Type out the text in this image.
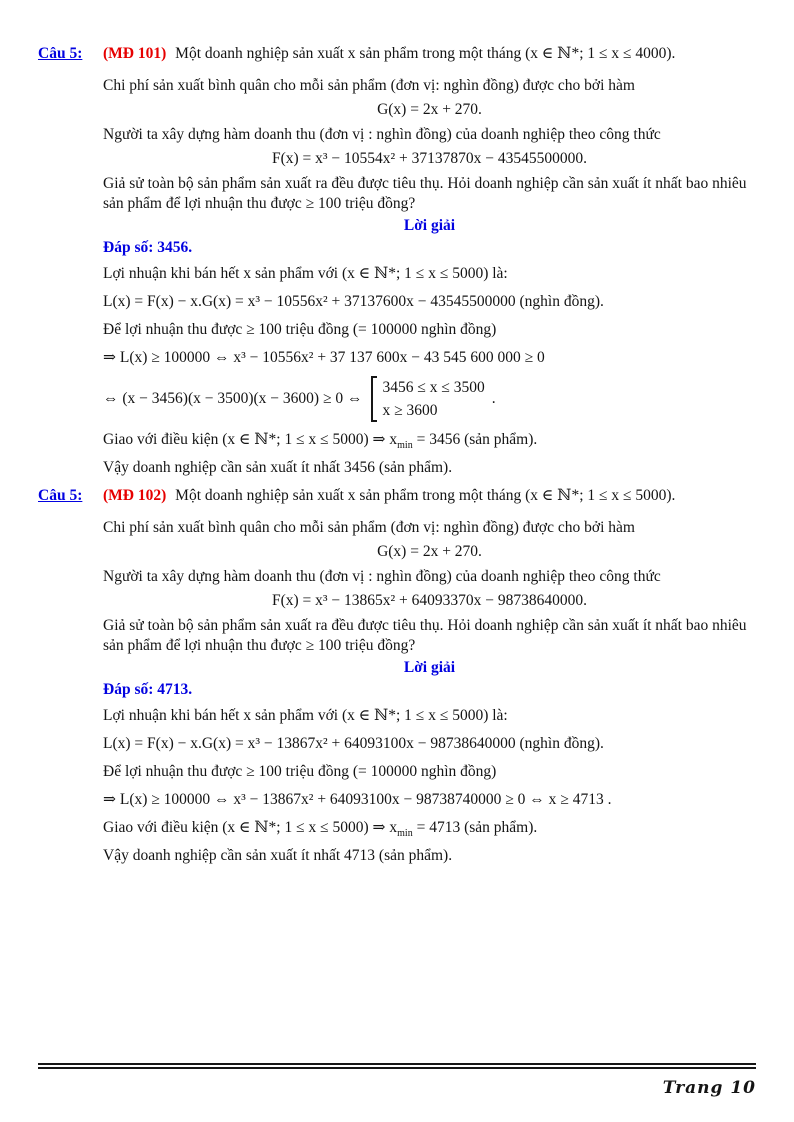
Câu 5: (MĐ 101) Một doanh nghiệp sản xuất x sản phẩm trong một tháng (x ∈ ℕ*; 1 ≤ x ≤ 4000).
Chi phí sản xuất bình quân cho mỗi sản phẩm (đơn vị: nghìn đồng) được cho bởi hàm
G(x) = 2x + 270.
Người ta xây dựng hàm doanh thu (đơn vị : nghìn đồng) của doanh nghiệp theo công thức
F(x) = x³ − 10554x² + 37137870x − 43545500000.
Giả sử toàn bộ sản phẩm sản xuất ra đều được tiêu thụ. Hỏi doanh nghiệp cần sản xuất ít nhất bao nhiêu sản phẩm để lợi nhuận thu được ≥ 100 triệu đồng?
Lời giải
Đáp số: 3456.
Lợi nhuận khi bán hết x sản phẩm với (x ∈ ℕ*; 1 ≤ x ≤ 5000) là:
L(x) = F(x) − x.G(x) = x³ − 10556x² + 37137600x − 43545500000 (nghìn đồng).
Để lợi nhuận thu được ≥ 100 triệu đồng (= 100000 nghìn đồng)
⇒ L(x) ≥ 100000 ⇔ x³ − 10556x² + 37 137 600x − 43 545 600 000 ≥ 0
⇔ (x − 3456)(x − 3500)(x − 3600) ≥ 0 ⇔
3456 ≤ x ≤ 3500
x ≥ 3600
.
Giao với điều kiện (x ∈ ℕ*; 1 ≤ x ≤ 5000) ⇒ $x_{min} = 3456$ (sản phẩm).
Vậy doanh nghiệp cần sản xuất ít nhất 3456 (sản phẩm).
Câu 5: (MĐ 102) Một doanh nghiệp sản xuất x sản phẩm trong một tháng (x ∈ ℕ*; 1 ≤ x ≤ 5000).
Chi phí sản xuất bình quân cho mỗi sản phẩm (đơn vị: nghìn đồng) được cho bởi hàm
G(x) = 2x + 270.
Người ta xây dựng hàm doanh thu (đơn vị : nghìn đồng) của doanh nghiệp theo công thức
F(x) = x³ − 13865x² + 64093370x − 98738640000.
Giả sử toàn bộ sản phẩm sản xuất ra đều được tiêu thụ. Hỏi doanh nghiệp cần sản xuất ít nhất bao nhiêu sản phẩm để lợi nhuận thu được ≥ 100 triệu đồng?
Lời giải
Đáp số: 4713.
Lợi nhuận khi bán hết x sản phẩm với (x ∈ ℕ*; 1 ≤ x ≤ 5000) là:
L(x) = F(x) − x.G(x) = x³ − 13867x² + 64093100x − 98738640000 (nghìn đồng).
Để lợi nhuận thu được ≥ 100 triệu đồng (= 100000 nghìn đồng)
⇒ L(x) ≥ 100000 ⇔ x³ − 13867x² + 64093100x − 98738740000 ≥ 0 ⇔ x ≥ 4713 .
Giao với điều kiện (x ∈ ℕ*; 1 ≤ x ≤ 5000) ⇒ $x_{min} = 4713$ (sản phẩm).
Vậy doanh nghiệp cần sản xuất ít nhất 4713 (sản phẩm).
Trang 10
